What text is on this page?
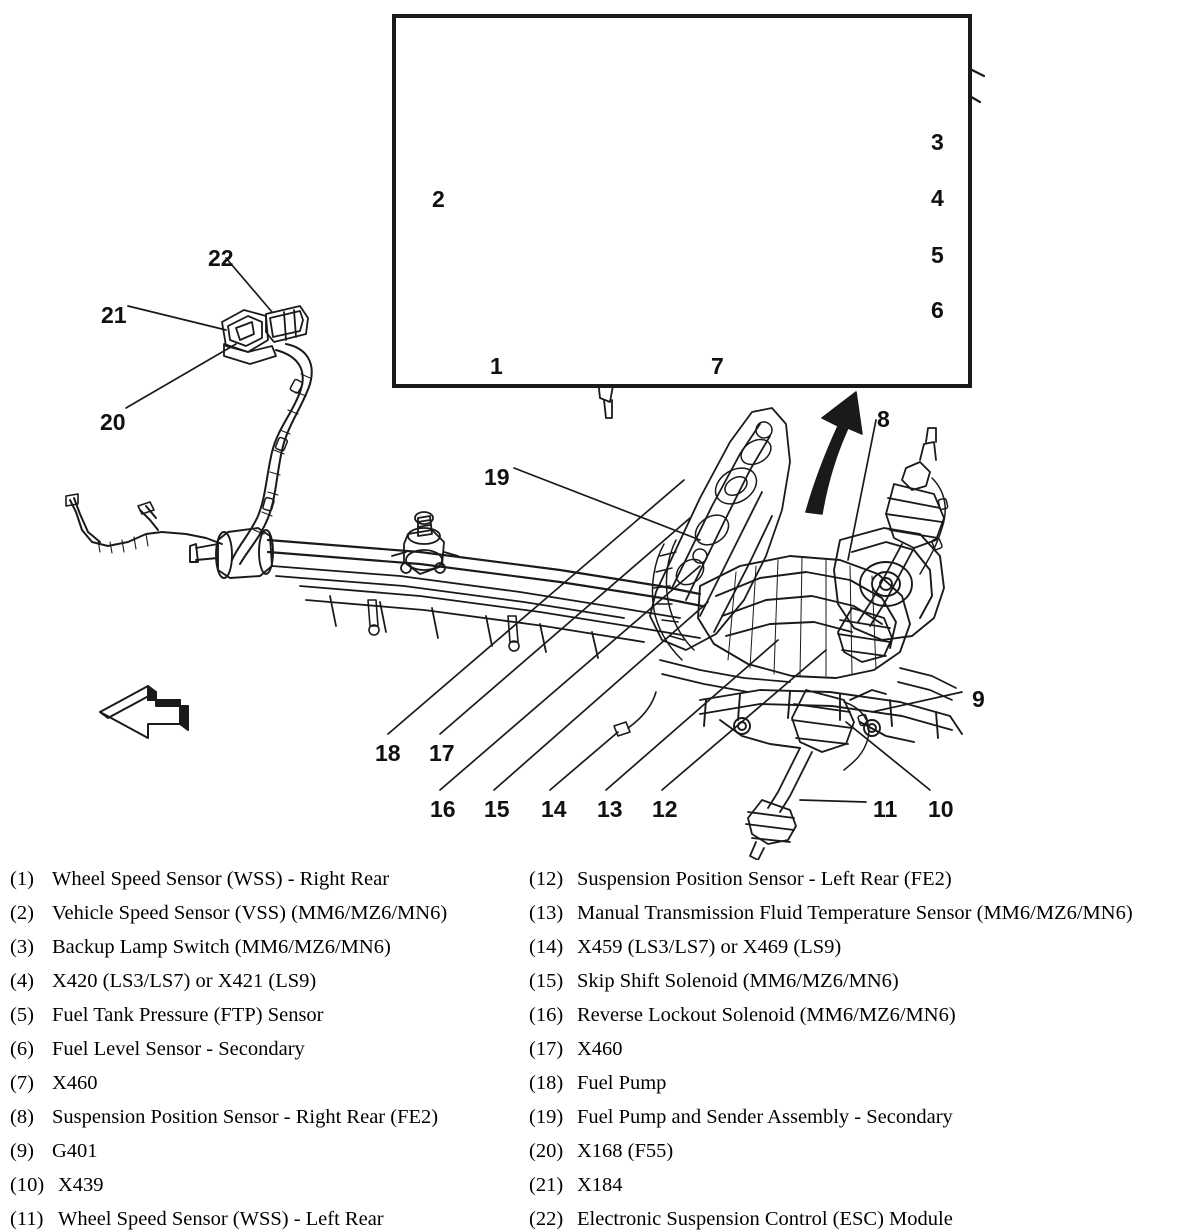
1
2
3
4
5
6
7
8
9
10
11
12
13
14
15
16
17
18
19
20
21
22
(1) Wheel Speed Sensor (WSS) - Right Rear
(2) Vehicle Speed Sensor (VSS) (MM6/MZ6/MN6)
(3) Backup Lamp Switch (MM6/MZ6/MN6)
(4) X420 (LS3/LS7) or X421 (LS9)
(5) Fuel Tank Pressure (FTP) Sensor
(6) Fuel Level Sensor - Secondary
(7) X460
(8) Suspension Position Sensor - Right Rear (FE2)
(9) G401
(10) X439
(11) Wheel Speed Sensor (WSS) - Left Rear
(12) Suspension Position Sensor - Left Rear (FE2)
(13) Manual Transmission Fluid Temperature Sensor (MM6/MZ6/MN6)
(14) X459 (LS3/LS7) or X469 (LS9)
(15) Skip Shift Solenoid (MM6/MZ6/MN6)
(16) Reverse Lockout Solenoid (MM6/MZ6/MN6)
(17) X460
(18) Fuel Pump
(19) Fuel Pump and Sender Assembly - Secondary
(20) X168 (F55)
(21) X184
(22) Electronic Suspension Control (ESC) Module
